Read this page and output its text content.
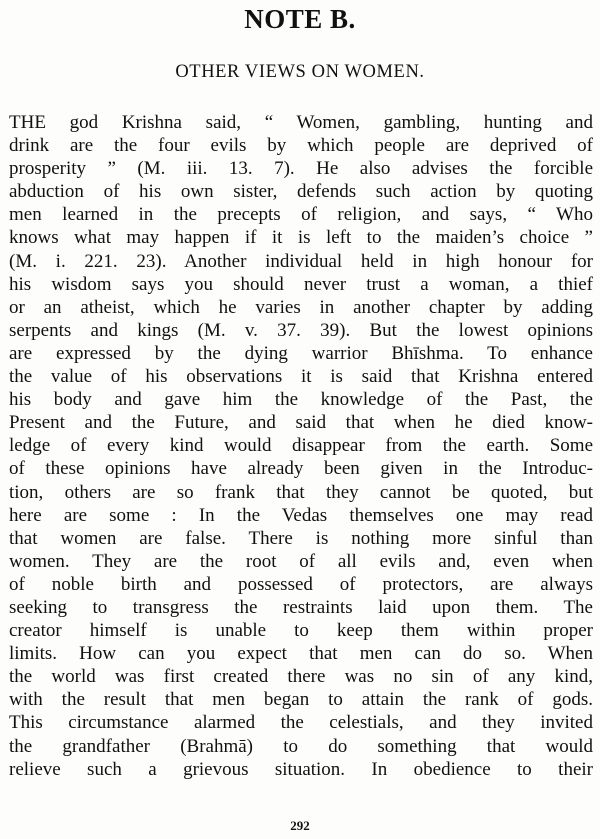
NOTE B.
OTHER VIEWS ON WOMEN.
THE god Krishna said, “ Women, gambling, hunting and
drink are the four evils by which people are deprived of
prosperity ” (M. iii. 13. 7). He also advises the forcible
abduction of his own sister, defends such action by quoting
men learned in the precepts of religion, and says, “ Who
knows what may happen if it is left to the maiden’s choice ”
(M. i. 221. 23). Another individual held in high honour for
his wisdom says you should never trust a woman, a thief
or an atheist, which he varies in another chapter by adding
serpents and kings (M. v. 37. 39). But the lowest opinions
are expressed by the dying warrior Bhīshma. To enhance
the value of his observations it is said that Krishna entered
his body and gave him the knowledge of the Past, the
Present and the Future, and said that when he died know-
ledge of every kind would disappear from the earth. Some
of these opinions have already been given in the Introduc-
tion, others are so frank that they cannot be quoted, but
here are some : In the Vedas themselves one may read
that women are false. There is nothing more sinful than
women. They are the root of all evils and, even when
of noble birth and possessed of protectors, are always
seeking to transgress the restraints laid upon them. The
creator himself is unable to keep them within proper
limits. How can you expect that men can do so. When
the world was first created there was no sin of any kind,
with the result that men began to attain the rank of gods.
This circumstance alarmed the celestials, and they invited
the grandfather (Brahmā) to do something that would
relieve such a grievous situation. In obedience to their
292
